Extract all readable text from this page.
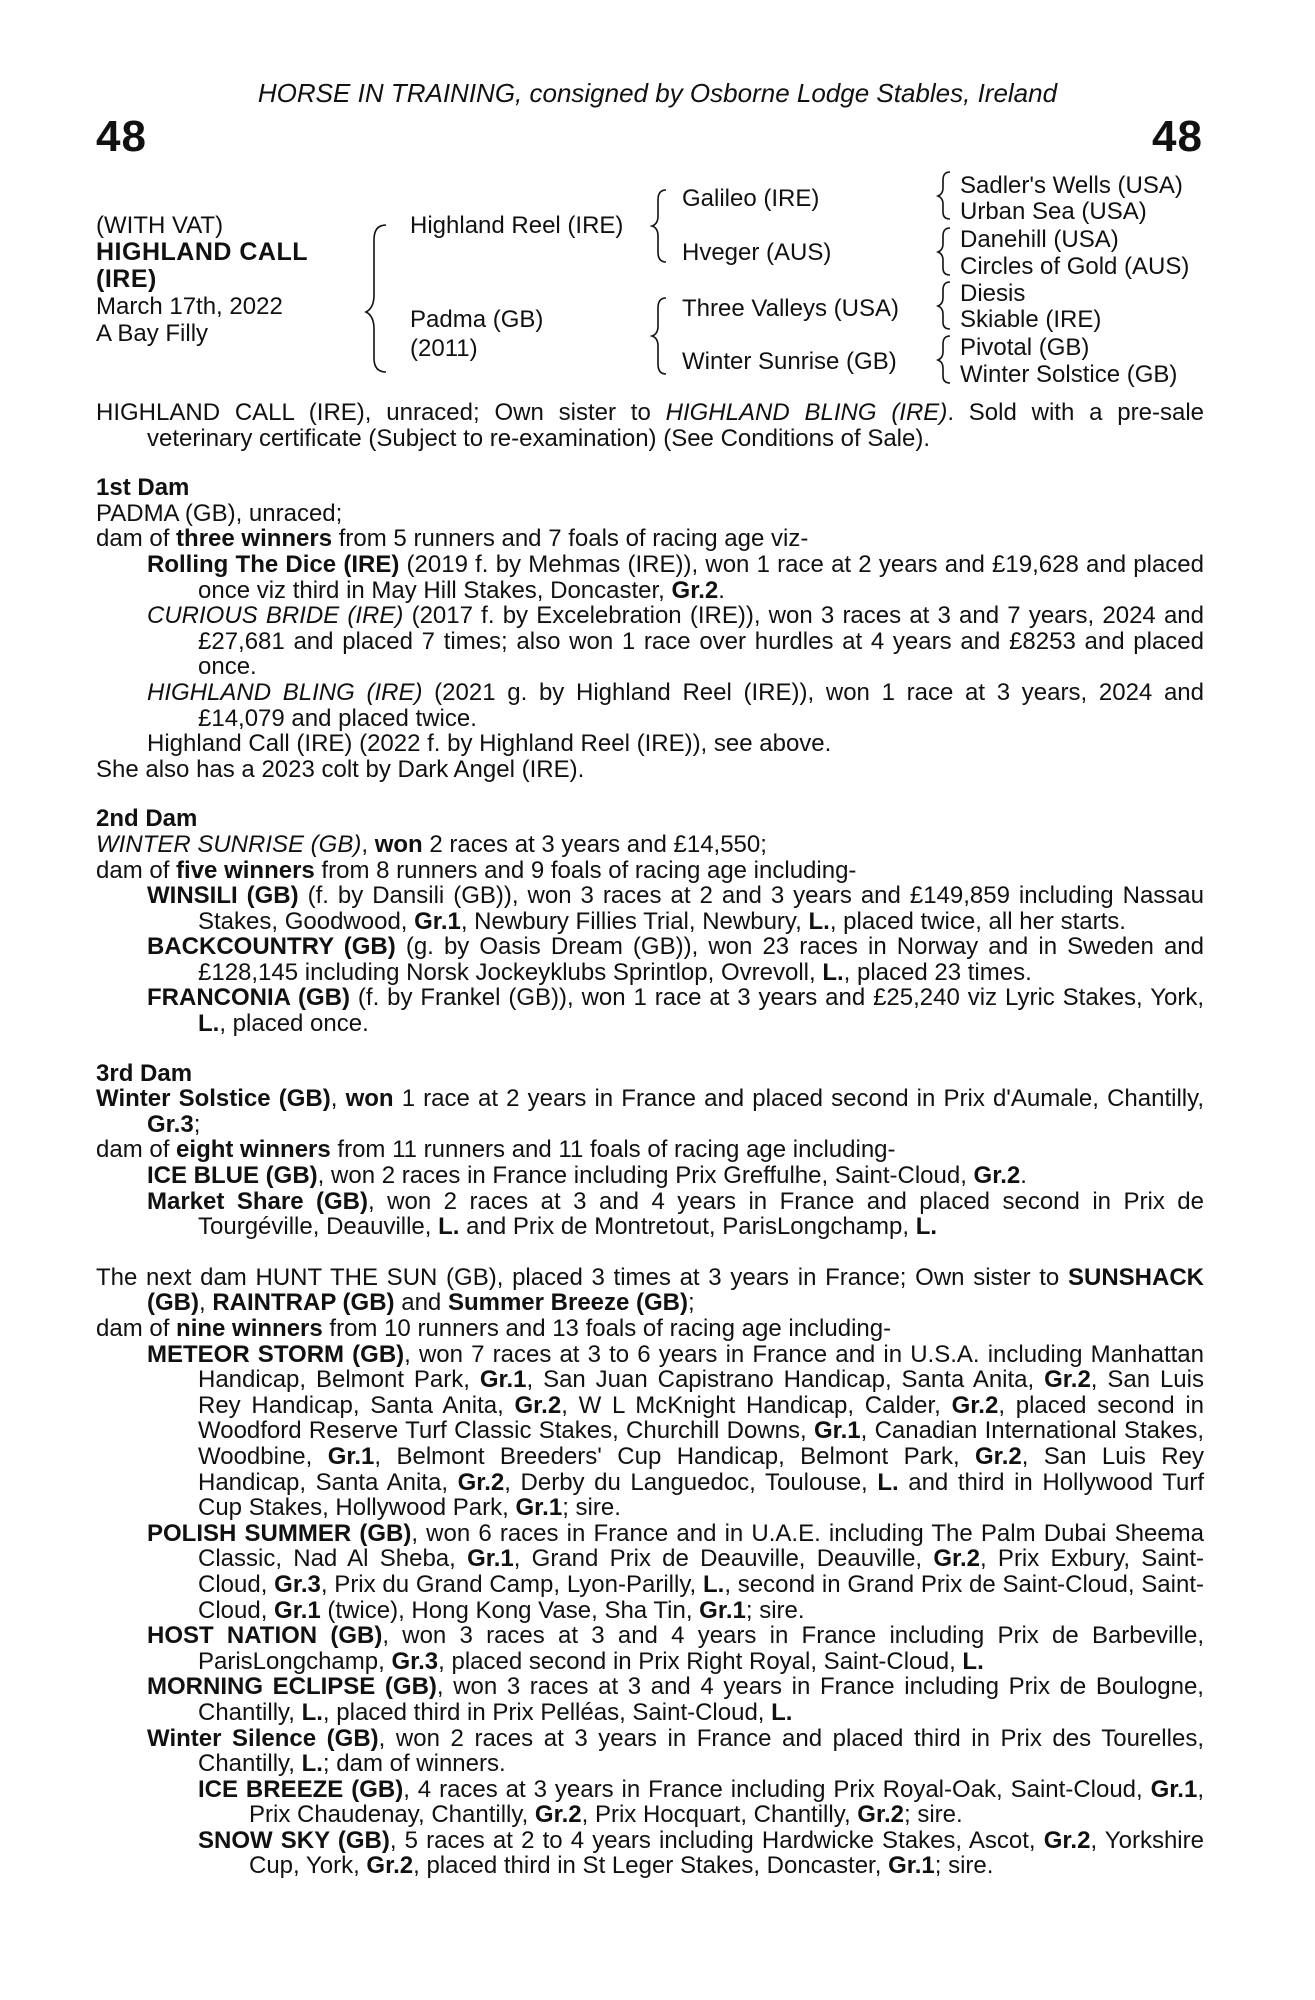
HORSE IN TRAINING, consigned by Osborne Lodge Stables, Ireland
48	48
(WITH VAT)
HIGHLAND CALL
(IRE)
March 17th, 2022
A Bay Filly
Highland Reel (IRE)
Padma (GB)
(2011)
Galileo (IRE)
Hveger (AUS)
Three Valleys (USA)
Winter Sunrise (GB)
Sadler's Wells (USA)
Urban Sea (USA)
Danehill (USA)
Circles of Gold (AUS)
Diesis
Skiable (IRE)
Pivotal (GB)
Winter Solstice (GB)

HIGHLAND CALL (IRE), unraced; Own sister to HIGHLAND BLING (IRE). Sold with a pre-sale veterinary certificate (Subject to re-examination) (See Conditions of Sale).

1st Dam

PADMA (GB), unraced;

dam of three winners from 5 runners and 7 foals of racing age viz-

Rolling The Dice (IRE) (2019 f. by Mehmas (IRE)), won 1 race at 2 years and £19,628 and placed once viz third in May Hill Stakes, Doncaster, Gr.2.

CURIOUS BRIDE (IRE) (2017 f. by Excelebration (IRE)), won 3 races at 3 and 7 years, 2024 and £27,681 and placed 7 times; also won 1 race over hurdles at 4 years and £8253 and placed once.

HIGHLAND BLING (IRE) (2021 g. by Highland Reel (IRE)), won 1 race at 3 years, 2024 and £14,079 and placed twice.

Highland Call (IRE) (2022 f. by Highland Reel (IRE)), see above.

She also has a 2023 colt by Dark Angel (IRE).

2nd Dam

WINTER SUNRISE (GB), won 2 races at 3 years and £14,550;

dam of five winners from 8 runners and 9 foals of racing age including-

WINSILI (GB) (f. by Dansili (GB)), won 3 races at 2 and 3 years and £149,859 including Nassau Stakes, Goodwood, Gr.1, Newbury Fillies Trial, Newbury, L., placed twice, all her starts.

BACKCOUNTRY (GB) (g. by Oasis Dream (GB)), won 23 races in Norway and in Sweden and £128,145 including Norsk Jockeyklubs Sprintlop, Ovrevoll, L., placed 23 times.

FRANCONIA (GB) (f. by Frankel (GB)), won 1 race at 3 years and £25,240 viz Lyric Stakes, York, L., placed once.

3rd Dam

Winter Solstice (GB), won 1 race at 2 years in France and placed second in Prix d'Aumale, Chantilly, Gr.3;

dam of eight winners from 11 runners and 11 foals of racing age including-

ICE BLUE (GB), won 2 races in France including Prix Greffulhe, Saint-Cloud, Gr.2.

Market Share (GB), won 2 races at 3 and 4 years in France and placed second in Prix de Tourgéville, Deauville, L. and Prix de Montretout, ParisLongchamp, L.

The next dam HUNT THE SUN (GB), placed 3 times at 3 years in France; Own sister to SUNSHACK (GB), RAINTRAP (GB) and Summer Breeze (GB);

dam of nine winners from 10 runners and 13 foals of racing age including-

METEOR STORM (GB), won 7 races at 3 to 6 years in France and in U.S.A. including Manhattan Handicap, Belmont Park, Gr.1, San Juan Capistrano Handicap, Santa Anita, Gr.2, San Luis Rey Handicap, Santa Anita, Gr.2, W L McKnight Handicap, Calder, Gr.2, placed second in Woodford Reserve Turf Classic Stakes, Churchill Downs, Gr.1, Canadian International Stakes, Woodbine, Gr.1, Belmont Breeders' Cup Handicap, Belmont Park, Gr.2, San Luis Rey Handicap, Santa Anita, Gr.2, Derby du Languedoc, Toulouse, L. and third in Hollywood Turf Cup Stakes, Hollywood Park, Gr.1; sire.

POLISH SUMMER (GB), won 6 races in France and in U.A.E. including The Palm Dubai Sheema Classic, Nad Al Sheba, Gr.1, Grand Prix de Deauville, Deauville, Gr.2, Prix Exbury, Saint-Cloud, Gr.3, Prix du Grand Camp, Lyon-Parilly, L., second in Grand Prix de Saint-Cloud, Saint-Cloud, Gr.1 (twice), Hong Kong Vase, Sha Tin, Gr.1; sire.

HOST NATION (GB), won 3 races at 3 and 4 years in France including Prix de Barbeville, ParisLongchamp, Gr.3, placed second in Prix Right Royal, Saint-Cloud, L.

MORNING ECLIPSE (GB), won 3 races at 3 and 4 years in France including Prix de Boulogne, Chantilly, L., placed third in Prix Pelléas, Saint-Cloud, L.

Winter Silence (GB), won 2 races at 3 years in France and placed third in Prix des Tourelles, Chantilly, L.; dam of winners.

ICE BREEZE (GB), 4 races at 3 years in France including Prix Royal-Oak, Saint-Cloud, Gr.1, Prix Chaudenay, Chantilly, Gr.2, Prix Hocquart, Chantilly, Gr.2; sire.

SNOW SKY (GB), 5 races at 2 to 4 years including Hardwicke Stakes, Ascot, Gr.2, Yorkshire Cup, York, Gr.2, placed third in St Leger Stakes, Doncaster, Gr.1; sire.
